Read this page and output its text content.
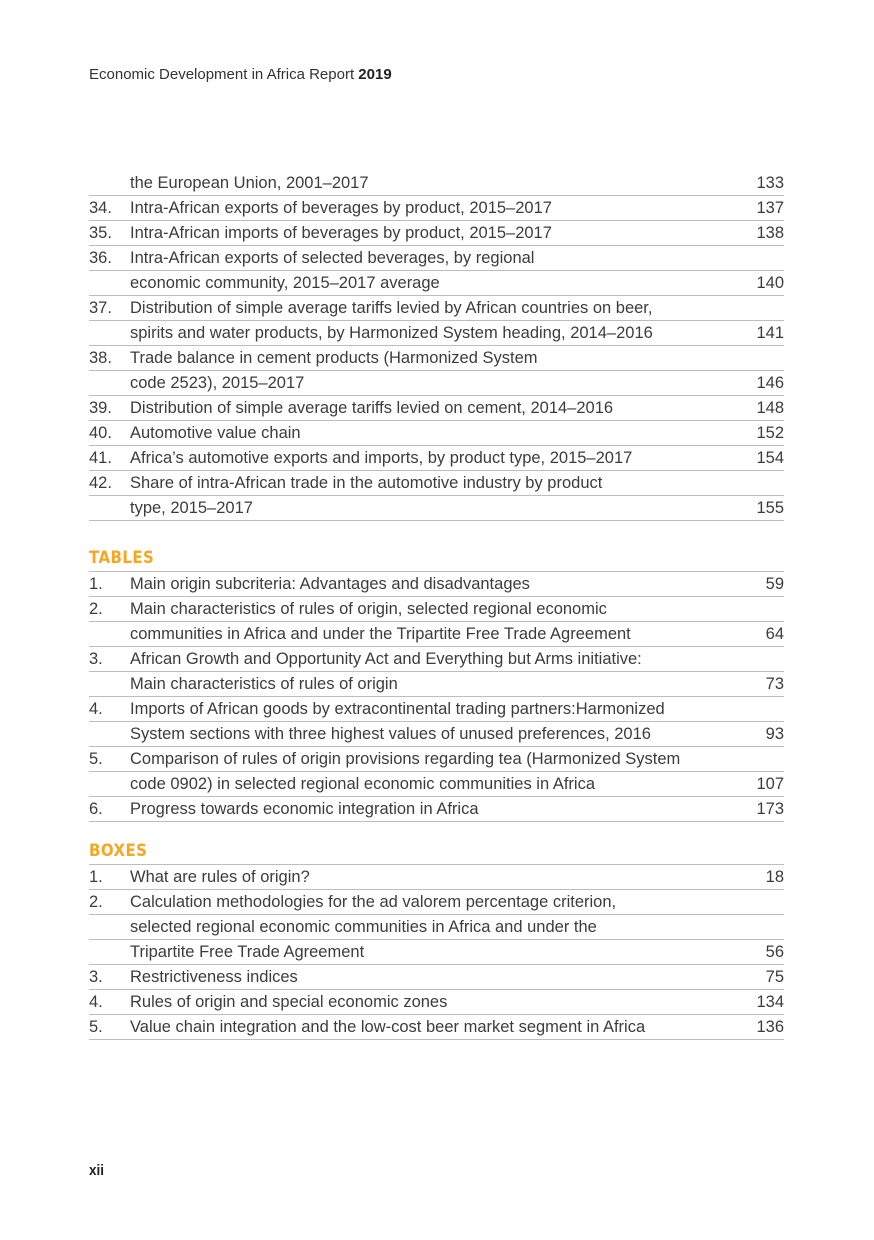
Economic Development in Africa Report 2019
the European Union, 2001–2017	133
34.	Intra-African exports of beverages by product, 2015–2017	137
35.	Intra-African imports of beverages by product, 2015–2017	138
36.	Intra-African exports of selected beverages, by regional
economic community, 2015–2017 average	140
37.	Distribution of simple average tariffs levied by African countries on beer,
spirits and water products, by Harmonized System heading, 2014–2016	141
38.	Trade balance in cement products (Harmonized System
code 2523), 2015–2017	146
39.	Distribution of simple average tariffs levied on cement, 2014–2016	148
40.	Automotive value chain	152
41.	Africa’s automotive exports and imports, by product type, 2015–2017	154
42.	Share of intra-African trade in the automotive industry by product
type, 2015–2017	155
TABLES
1.	Main origin subcriteria: Advantages and disadvantages	59
2.	Main characteristics of rules of origin, selected regional economic
communities in Africa and under the Tripartite Free Trade Agreement	64
3.	African Growth and Opportunity Act and Everything but Arms initiative:
Main characteristics of rules of origin	73
4.	Imports of African goods by extracontinental trading partners:Harmonized
System sections with three highest values of unused preferences, 2016	93
5.	Comparison of rules of origin provisions regarding tea (Harmonized System
code 0902) in selected regional economic communities in Africa	107
6.	Progress towards economic integration in Africa	173
BOXES
1.	What are rules of origin?	18
2.	Calculation methodologies for the ad valorem percentage criterion,
selected regional economic communities in Africa and under the
Tripartite Free Trade Agreement	56
3.	Restrictiveness indices	75
4.	Rules of origin and special economic zones	134
5.	Value chain integration and the low-cost beer market segment in Africa	136
xii
